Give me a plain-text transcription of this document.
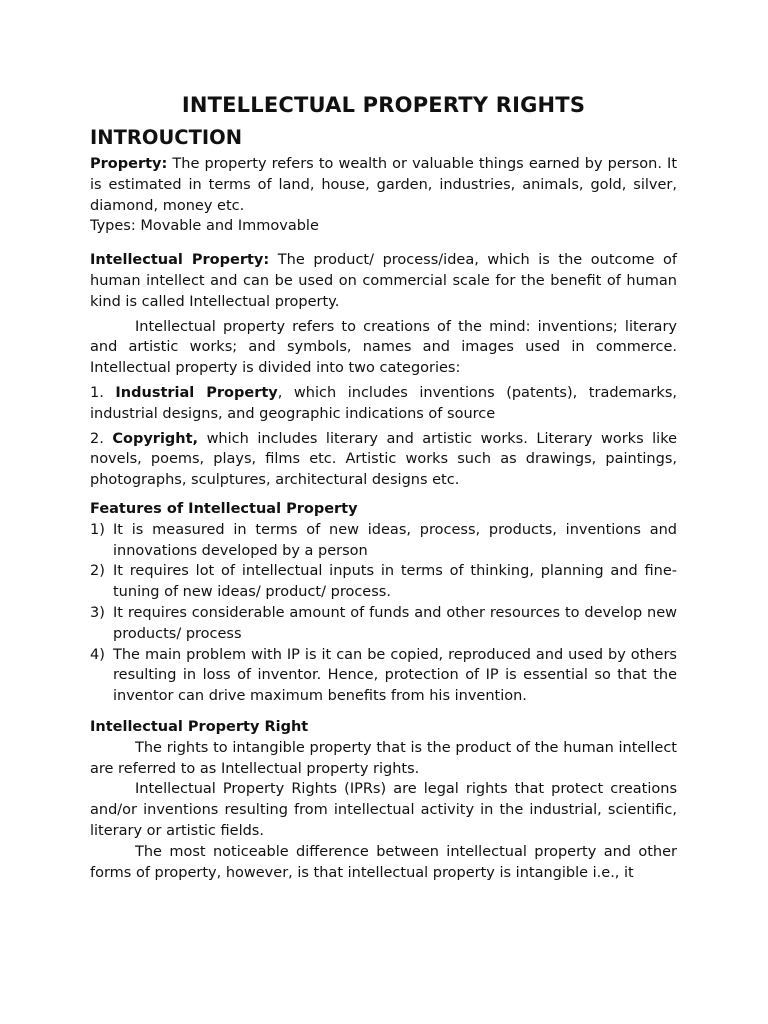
INTELLECTUAL PROPERTY RIGHTS
INTROUCTION

Property: The property refers to wealth or valuable things earned by person. It is estimated in terms of land, house, garden, industries, animals, gold, silver, diamond, money etc.

Types: Movable and Immovable

Intellectual Property: The product/ process/idea, which is the outcome of human intellect and can be used on commercial scale for the benefit of human kind is called Intellectual property.

Intellectual property refers to creations of the mind: inventions; literary and artistic works; and symbols, names and images used in commerce. Intellectual property is divided into two categories:

1. Industrial Property, which includes inventions (patents), trademarks, industrial designs, and geographic indications of source

2. Copyright, which includes literary and artistic works. Literary works like novels, poems, plays, films etc. Artistic works such as drawings, paintings, photographs, sculptures, architectural designs etc.

Features of Intellectual Property
1) It is measured in terms of new ideas, process, products, inventions and innovations developed by a person
2) It requires lot of intellectual inputs in terms of thinking, planning and fine-tuning of new ideas/ product/ process.
3) It requires considerable amount of funds and other resources to develop new products/ process
4) The main problem with IP is it can be copied, reproduced and used by others resulting in loss of inventor. Hence, protection of IP is essential so that the inventor can drive maximum benefits from his invention.
Intellectual Property Right

The rights to intangible property that is the product of the human intellect are referred to as Intellectual property rights.

Intellectual Property Rights (IPRs) are legal rights that protect creations and/or inventions resulting from intellectual activity in the industrial, scientific, literary or artistic fields.

The most noticeable difference between intellectual property and other forms of property, however, is that intellectual property is intangible i.e., it
